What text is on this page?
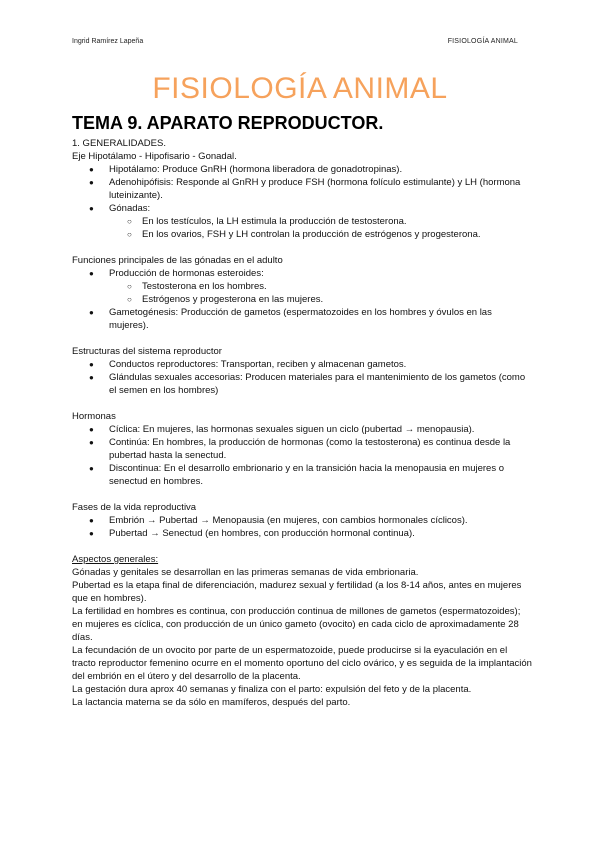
Ingrid Ramírez Lapeña	FISIOLOGÍA ANIMAL
FISIOLOGÍA ANIMAL
TEMA 9. APARATO REPRODUCTOR.
1. GENERALIDADES.
Eje Hipotálamo - Hipofisario - Gonadal.
● Hipotálamo: Produce GnRH (hormona liberadora de gonadotropinas).
● Adenohipófisis: Responde al GnRH y produce FSH (hormona folículo estimulante) y LH (hormona luteinizante).
● Gónadas:
○ En los testículos, la LH estimula la producción de testosterona.
○ En los ovarios, FSH y LH controlan la producción de estrógenos y progesterona.
Funciones principales de las gónadas en el adulto
● Producción de hormonas esteroides:
○ Testosterona en los hombres.
○ Estrógenos y progesterona en las mujeres.
● Gametogénesis: Producción de gametos (espermatozoides en los hombres y óvulos en las mujeres).
Estructuras del sistema reproductor
● Conductos reproductores: Transportan, reciben y almacenan gametos.
● Glándulas sexuales accesorias: Producen materiales para el mantenimiento de los gametos (como el semen en los hombres)
Hormonas
● Cíclica: En mujeres, las hormonas sexuales siguen un ciclo (pubertad → menopausia).
● Continúa: En hombres, la producción de hormonas (como la testosterona) es continua desde la pubertad hasta la senectud.
● Discontinua: En el desarrollo embrionario y en la transición hacia la menopausia en mujeres o senectud en hombres.
Fases de la vida reproductiva
● Embrión → Pubertad → Menopausia (en mujeres, con cambios hormonales cíclicos).
● Pubertad → Senectud (en hombres, con producción hormonal continua).
Aspectos generales:
Gónadas y genitales se desarrollan en las primeras semanas de vida embrionaria.
Pubertad es la etapa final de diferenciación, madurez sexual y fertilidad (a los 8-14 años, antes en mujeres que en hombres).
La fertilidad en hombres es continua, con producción continua de millones de gametos (espermatozoides); en mujeres es cíclica, con producción de un único gameto (ovocito) en cada ciclo de aproximadamente 28 días.
La fecundación de un ovocito por parte de un espermatozoide, puede producirse si la eyaculación en el tracto reproductor femenino ocurre en el momento oportuno del ciclo ovárico, y es seguida de la implantación del embrión en el útero y del desarrollo de la placenta.
La gestación dura aprox 40 semanas y finaliza con el parto: expulsión del feto y de la placenta.
La lactancia materna se da sólo en mamíferos, después del parto.
